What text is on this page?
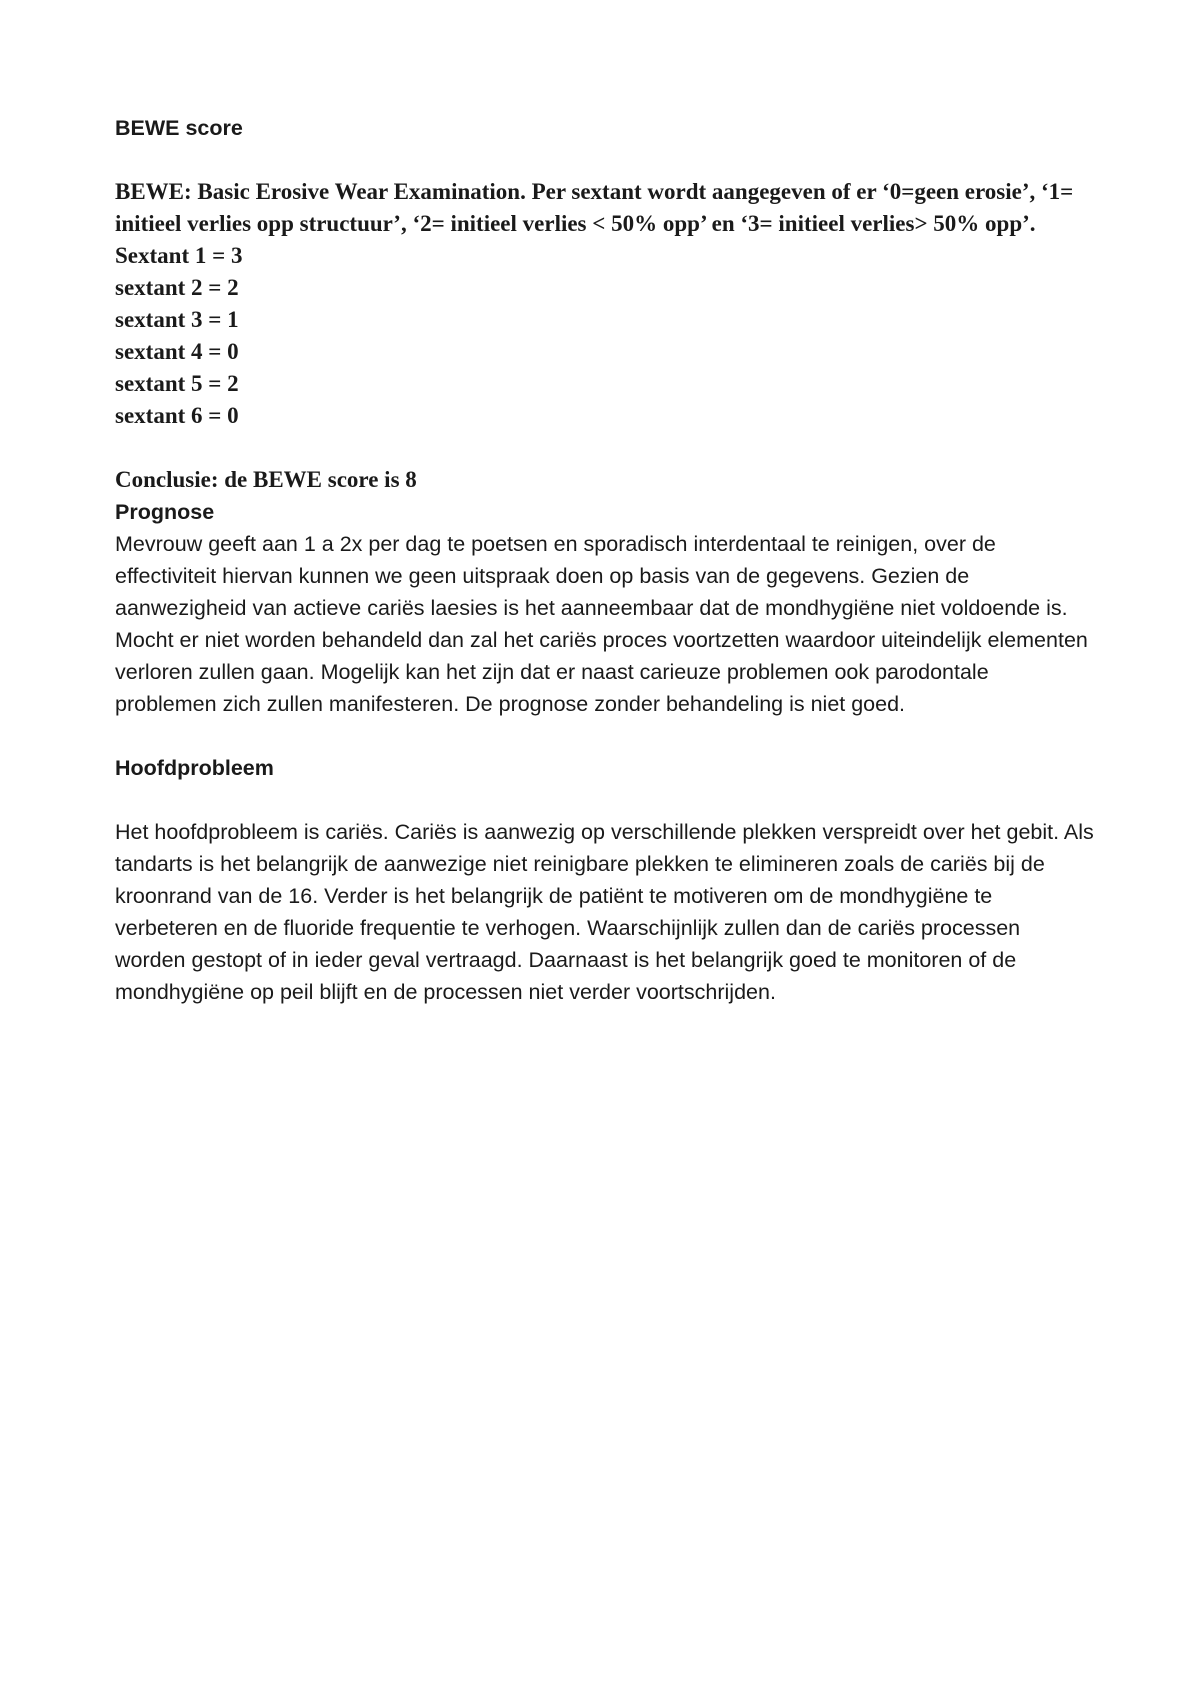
BEWE score

BEWE: Basic Erosive Wear Examination. Per sextant wordt aangegeven of er ‘0=geen erosie’, ‘1= initieel verlies opp structuur’, ‘2= initieel verlies < 50% opp’ en ‘3= initieel verlies> 50% opp’.

Sextant 1 = 3
sextant 2 = 2
sextant 3 = 1
sextant 4 = 0
sextant 5 = 2
sextant 6 = 0

Conclusie: de BEWE score is 8

Prognose

Mevrouw geeft aan 1 a 2x per dag te poetsen en sporadisch interdentaal te reinigen, over de effectiviteit hiervan kunnen we geen uitspraak doen op basis van de gegevens. Gezien de aanwezigheid van actieve cariës laesies is het aanneembaar dat de mondhygiëne niet voldoende is. Mocht er niet worden behandeld dan zal het cariës proces voortzetten waardoor uiteindelijk elementen verloren zullen gaan. Mogelijk kan het zijn dat er naast carieuze problemen ook parodontale problemen zich zullen manifesteren. De prognose zonder behandeling is niet goed.

Hoofdprobleem

Het hoofdprobleem is cariës. Cariës is aanwezig op verschillende plekken verspreidt over het gebit. Als tandarts is het belangrijk de aanwezige niet reinigbare plekken te elimineren zoals de cariës bij de kroonrand van de 16. Verder is het belangrijk de patiënt te motiveren om de mondhygiëne te verbeteren en de fluoride frequentie te verhogen. Waarschijnlijk zullen dan de cariës processen worden gestopt of in ieder geval vertraagd. Daarnaast is het belangrijk goed te monitoren of de mondhygiëne op peil blijft en de processen niet verder voortschrijden.
